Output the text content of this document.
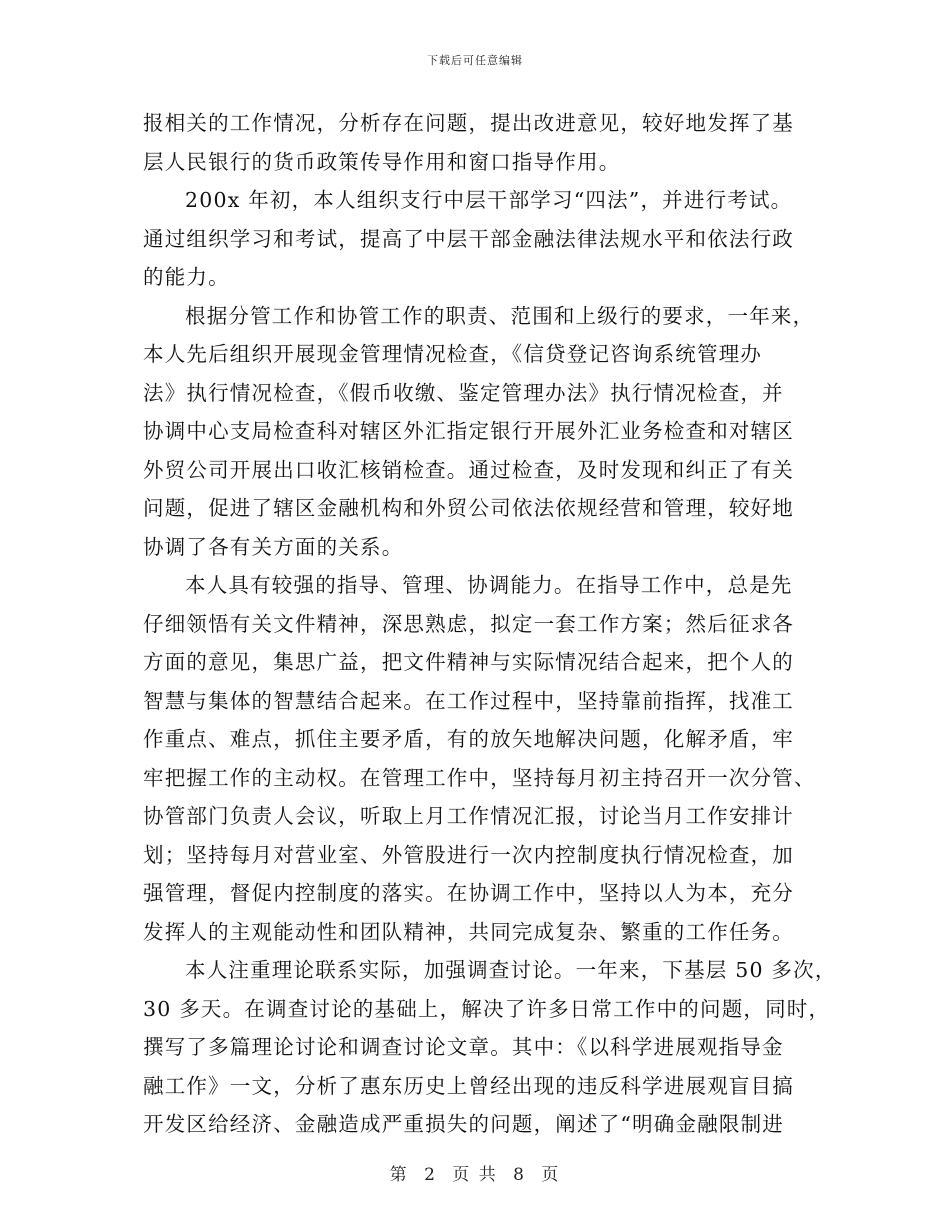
下载后可任意编辑
报相关的工作情况，分析存在问题，提出改进意见，较好地发挥了基
层人民银行的货币政策传导作用和窗口指导作用。
200x 年初，本人组织支行中层干部学习“四法”，并进行考试。
通过组织学习和考试，提高了中层干部金融法律法规水平和依法行政
的能力。
根据分管工作和协管工作的职责、范围和上级行的要求，一年来，
本人先后组织开展现金管理情况检查，《信贷登记咨询系统管理办
法》执行情况检查，《假币收缴、鉴定管理办法》执行情况检查，并
协调中心支局检查科对辖区外汇指定银行开展外汇业务检查和对辖区
外贸公司开展出口收汇核销检查。通过检查，及时发现和纠正了有关
问题，促进了辖区金融机构和外贸公司依法依规经营和管理，较好地
协调了各有关方面的关系。
本人具有较强的指导、管理、协调能力。在指导工作中，总是先
仔细领悟有关文件精神，深思熟虑，拟定一套工作方案；然后征求各
方面的意见，集思广益，把文件精神与实际情况结合起来，把个人的
智慧与集体的智慧结合起来。在工作过程中，坚持靠前指挥，找准工
作重点、难点，抓住主要矛盾，有的放矢地解决问题，化解矛盾，牢
牢把握工作的主动权。在管理工作中，坚持每月初主持召开一次分管、
协管部门负责人会议，听取上月工作情况汇报，讨论当月工作安排计
划；坚持每月对营业室、外管股进行一次内控制度执行情况检查，加
强管理，督促内控制度的落实。在协调工作中，坚持以人为本，充分
发挥人的主观能动性和团队精神，共同完成复杂、繁重的工作任务。
本人注重理论联系实际，加强调查讨论。一年来，下基层 50 多次，
30 多天。在调查讨论的基础上，解决了许多日常工作中的问题，同时，
撰写了多篇理论讨论和调查讨论文章。其中：《以科学进展观指导金
融工作》一文，分析了惠东历史上曾经出现的违反科学进展观盲目搞
开发区给经济、金融造成严重损失的问题，阐述了“明确金融限制进
第 2 页 共 8 页
